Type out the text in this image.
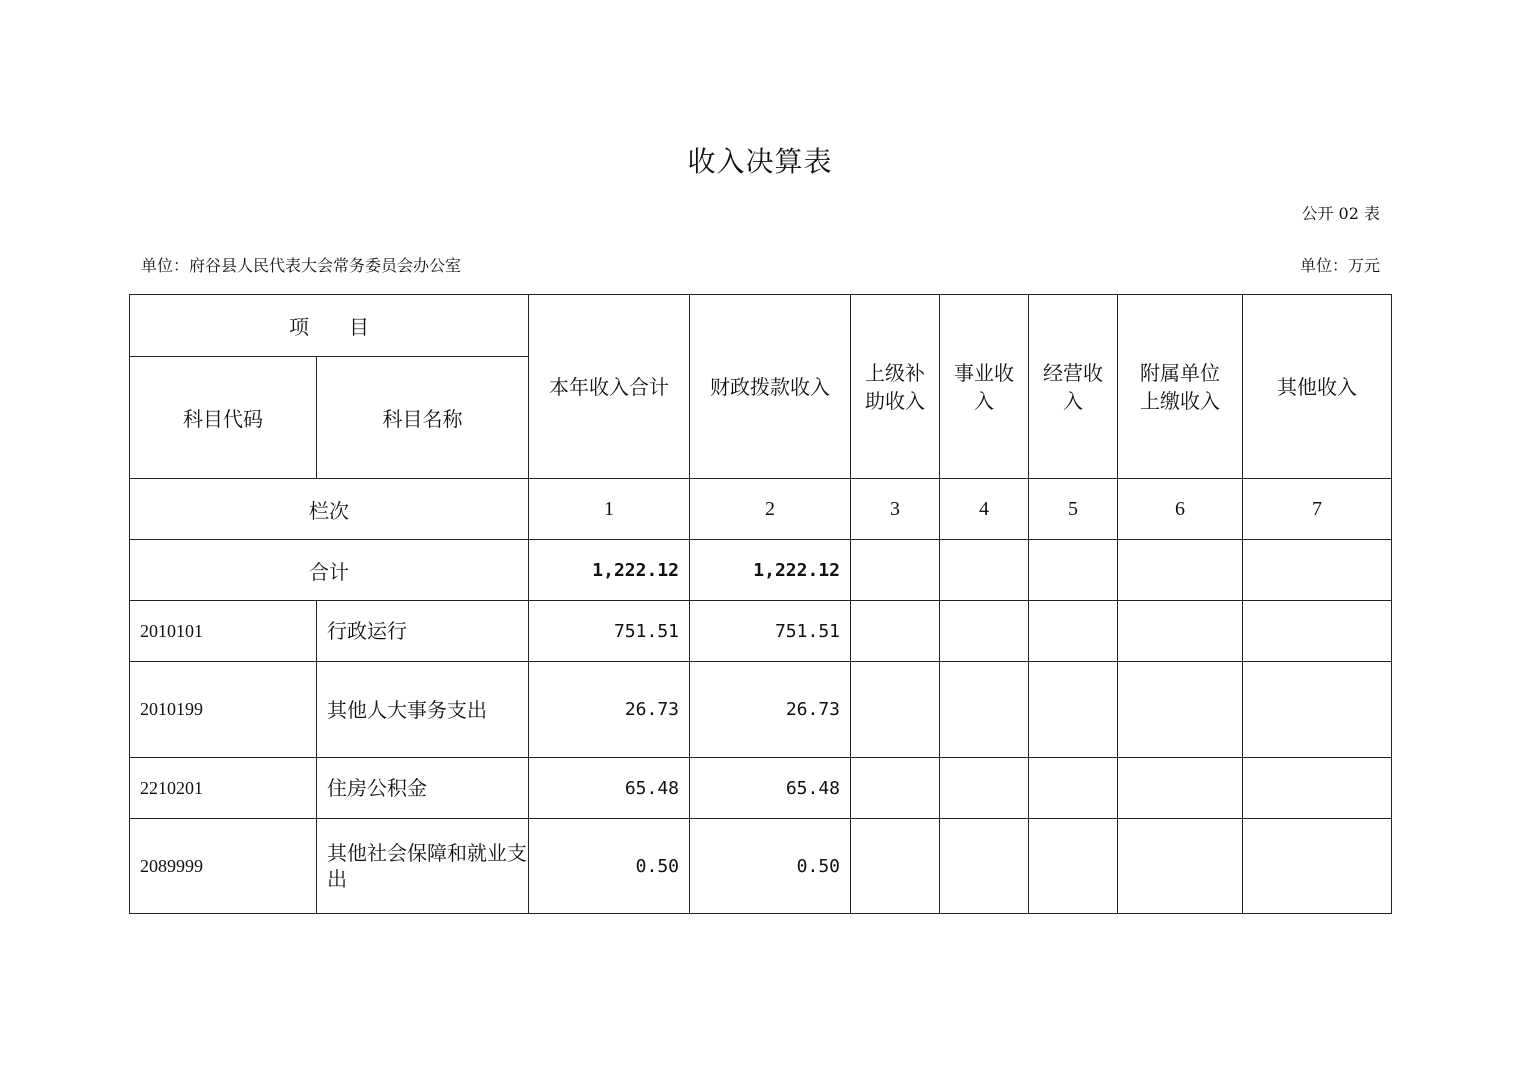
收入决算表
公开 02 表
单位：府谷县人民代表大会常务委员会办公室	单位：万元
项目		本年收入合计	财政拨款收入	上级补助收入	事业收入	经营收入	附属单位上缴收入	其他收入
科目代码	科目名称							
栏次		1	2	3	4	5	6	7
合计		1,222.12	1,222.12					
2010101	行政运行	751.51	751.51					
2010199	其他人大事务支出	26.73	26.73					
2210201	住房公积金	65.48	65.48					
2089999	其他社会保障和就业支出	0.50	0.50					
